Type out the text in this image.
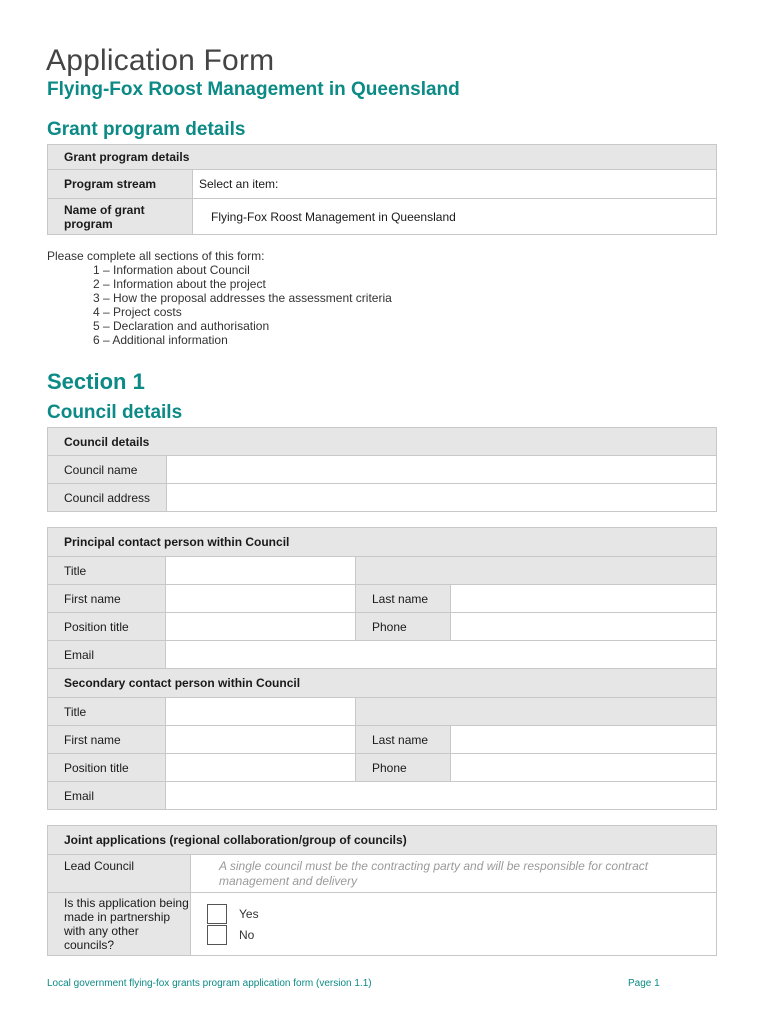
Application Form
Flying-Fox Roost Management in Queensland
Grant program details
Grant program details	
Program stream	Select an item:
Name of grant program	Flying-Fox Roost Management in Queensland
Please complete all sections of this form:
1 – Information about Council
2 – Information about the project
3 – How the proposal addresses the assessment criteria
4 – Project costs
5 – Declaration and authorisation
6 – Additional information
Section 1
Council details
Council details	
Council name	
Council address	
Principal contact person within Council			
Title			
First name		Last name	
Position title		Phone	
Email			
Secondary contact person within Council			
Title			
First name		Last name	
Position title		Phone	
Email			
Joint applications (regional collaboration/group of councils)	
Lead Council	A single council must be the contracting party and will be responsible for contract management and delivery
Is this application being made in partnership with any other councils?	Yes
No
Local government flying-fox grants program application form (version 1.1)	Page 1
